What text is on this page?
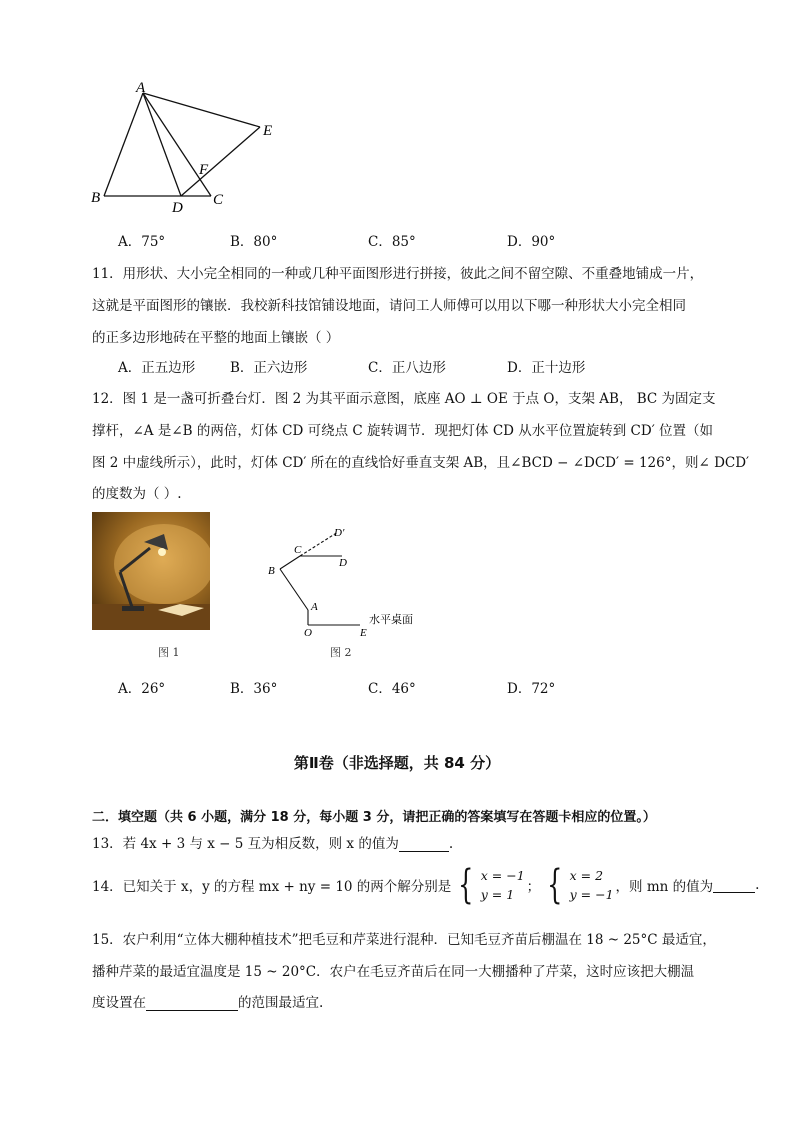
A
E
F
B
D C
A．75°	B．80°	C．85°	D．90°
11．用形状、大小完全相同的一种或几种平面图形进行拼接，彼此之间不留空隙、不重叠地铺成一片，
这就是平面图形的镶嵌．我校新科技馆铺设地面，请问工人师傅可以用以下哪一种形状大小完全相同
的正多边形地砖在平整的地面上镶嵌（ ）
A．正五边形	B．正六边形	C．正八边形	D．正十边形
12．图 1 是一盏可折叠台灯．图 2 为其平面示意图，底座 AO ⊥ OE 于点 O，支架 AB， BC 为固定支
撑杆，∠A 是∠B 的两倍，灯体 CD 可绕点 C 旋转调节．现把灯体 CD 从水平位置旋转到 CD′ 位置（如
图 2 中虚线所示），此时，灯体 CD′ 所在的直线恰好垂直支架 AB，且∠BCD − ∠DCD′ = 126°，则∠ DCD′
的度数为（ ）.
图 1
D′
C
D
B
A
水平桌面
O	E
图 2
A．26°	B．36°	C．46°	D．72°
第Ⅱ卷（非选择题，共 84 分）
二．填空题（共 6 小题，满分 18 分，每小题 3 分，请把正确的答案填写在答题卡相应的位置。）
13．若 4x + 3 与 x − 5 互为相反数，则 x 的值为	.
14．已知关于 x，y 的方程 mx + ny = 10 的两个解分别是 { x = −1
y = 1 ； { x = 2
y = −1 ，则 mn 的值为	.
15．农户利用“立体大棚种植技术”把毛豆和芹菜进行混种．已知毛豆齐苗后棚温在 18 ~ 25°C 最适宜，
播种芹菜的最适宜温度是 15 ~ 20°C．农户在毛豆齐苗后在同一大棚播种了芹菜，这时应该把大棚温
度设置在	的范围最适宜.
